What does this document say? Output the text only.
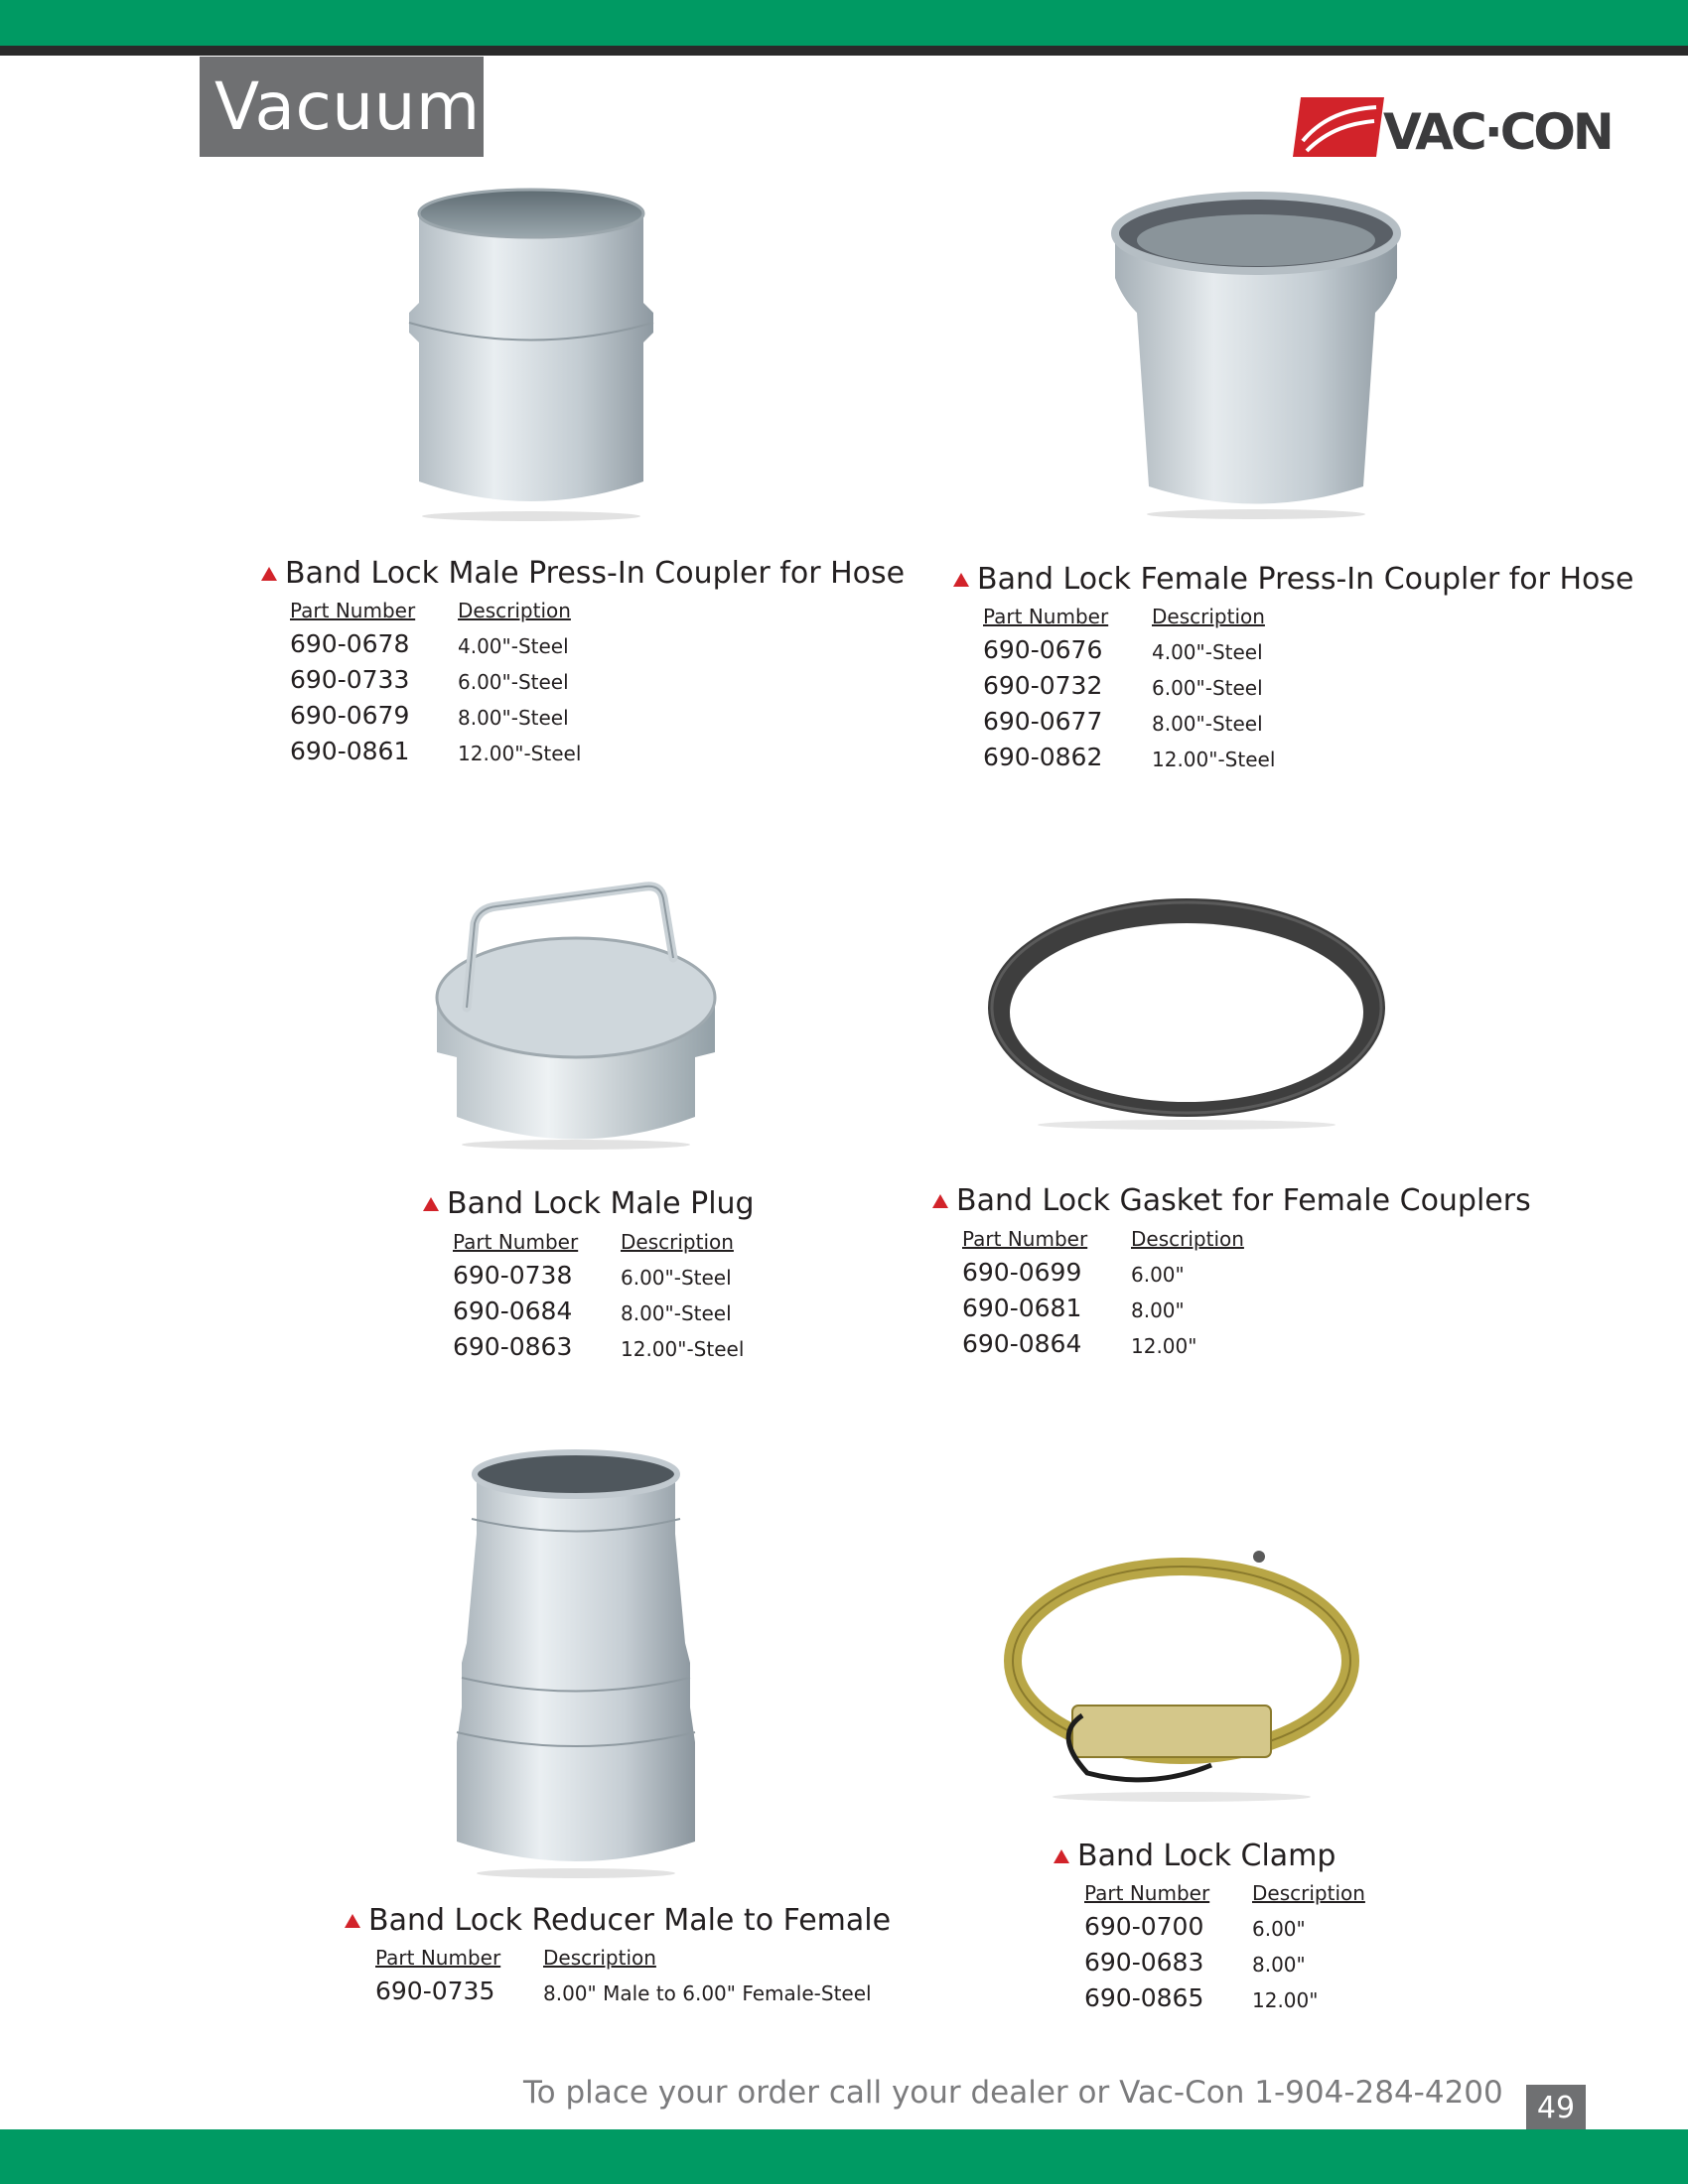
Vacuum	VAC·CON
Band Lock Male Press-In Coupler for Hose
Part Number Description
690-0678 4.00"-Steel
690-0733 6.00"-Steel
690-0679 8.00"-Steel
690-0861 12.00"-Steel
Band Lock Female Press-In Coupler for Hose
Part Number Description
690-0676 4.00"-Steel
690-0732 6.00"-Steel
690-0677 8.00"-Steel
690-0862 12.00"-Steel
Band Lock Male Plug
Part Number Description
690-0738 6.00"-Steel
690-0684 8.00"-Steel
690-0863 12.00"-Steel
Band Lock Gasket for Female Couplers
Part Number Description
690-0699 6.00"
690-0681 8.00"
690-0864 12.00"
Band Lock Reducer Male to Female
Part Number Description
690-0735 8.00" Male to 6.00" Female-Steel
Band Lock Clamp
Part Number Description
690-0700 6.00"
690-0683 8.00"
690-0865 12.00"
To place your order call your dealer or Vac-Con 1-904-284-4200	49
